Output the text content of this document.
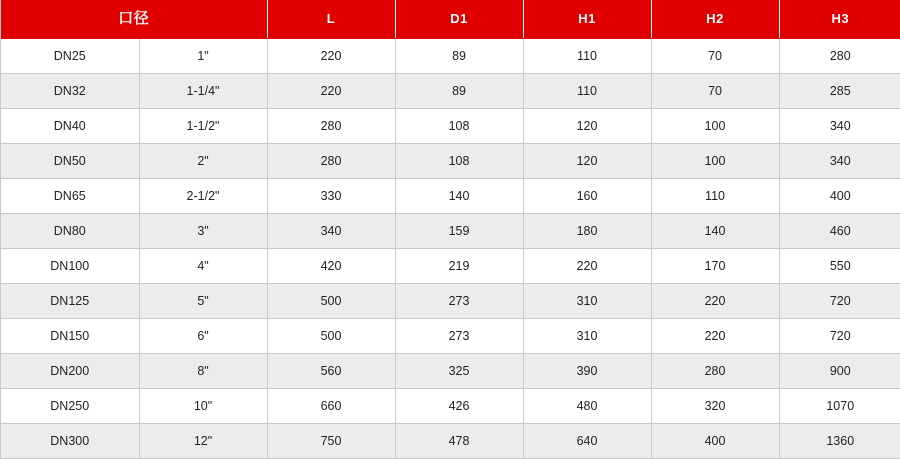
口径		L	D1	H1	H2	H3
DN25	1"	220	89	110	70	280
DN32	1-1/4"	220	89	110	70	285
DN40	1-1/2"	280	108	120	100	340
DN50	2"	280	108	120	100	340
DN65	2-1/2"	330	140	160	110	400
DN80	3"	340	159	180	140	460
DN100	4"	420	219	220	170	550
DN125	5"	500	273	310	220	720
DN150	6"	500	273	310	220	720
DN200	8"	560	325	390	280	900
DN250	10"	660	426	480	320	1070
DN300	12"	750	478	640	400	1360
